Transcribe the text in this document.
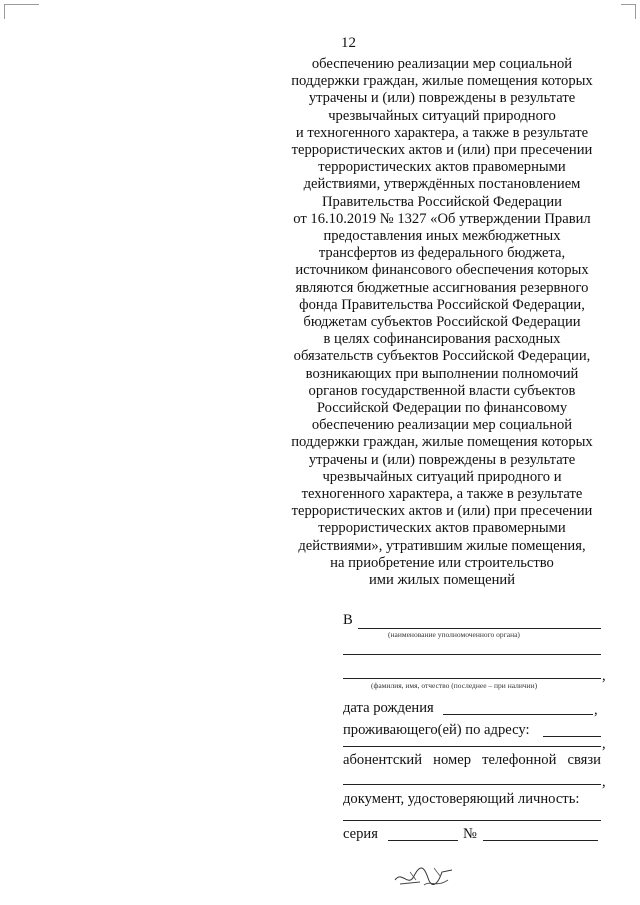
12
обеспечению реализации мер социальной
поддержки граждан, жилые помещения которых
утрачены и (или) повреждены в результате
чрезвычайных ситуаций природного
и техногенного характера, а также в результате
террористических актов и (или) при пресечении
террористических актов правомерными
действиями, утверждённых постановлением
Правительства Российской Федерации
от 16.10.2019 № 1327 «Об утверждении Правил
предоставления иных межбюджетных
трансфертов из федерального бюджета,
источником финансового обеспечения которых
являются бюджетные ассигнования резервного
фонда Правительства Российской Федерации,
бюджетам субъектов Российской Федерации
в целях софинансирования расходных
обязательств субъектов Российской Федерации,
возникающих при выполнении полномочий
органов государственной власти субъектов
Российской Федерации по финансовому
обеспечению реализации мер социальной
поддержки граждан, жилые помещения которых
утрачены и (или) повреждены в результате
чрезвычайных ситуаций природного и
техногенного характера, а также в результате
террористических актов и (или) при пресечении
террористических актов правомерными
действиями», утратившим жилые помещения,
на приобретение или строительство
ими жилых помещений
В
(наименование уполномоченного органа)
,
(фамилия, имя, отчество (последнее – при наличии)
дата рождения	,
проживающего(ей) по адресу:
,
абонентский номер телефонной связи
,
документ, удостоверяющий личность:
серия	№
